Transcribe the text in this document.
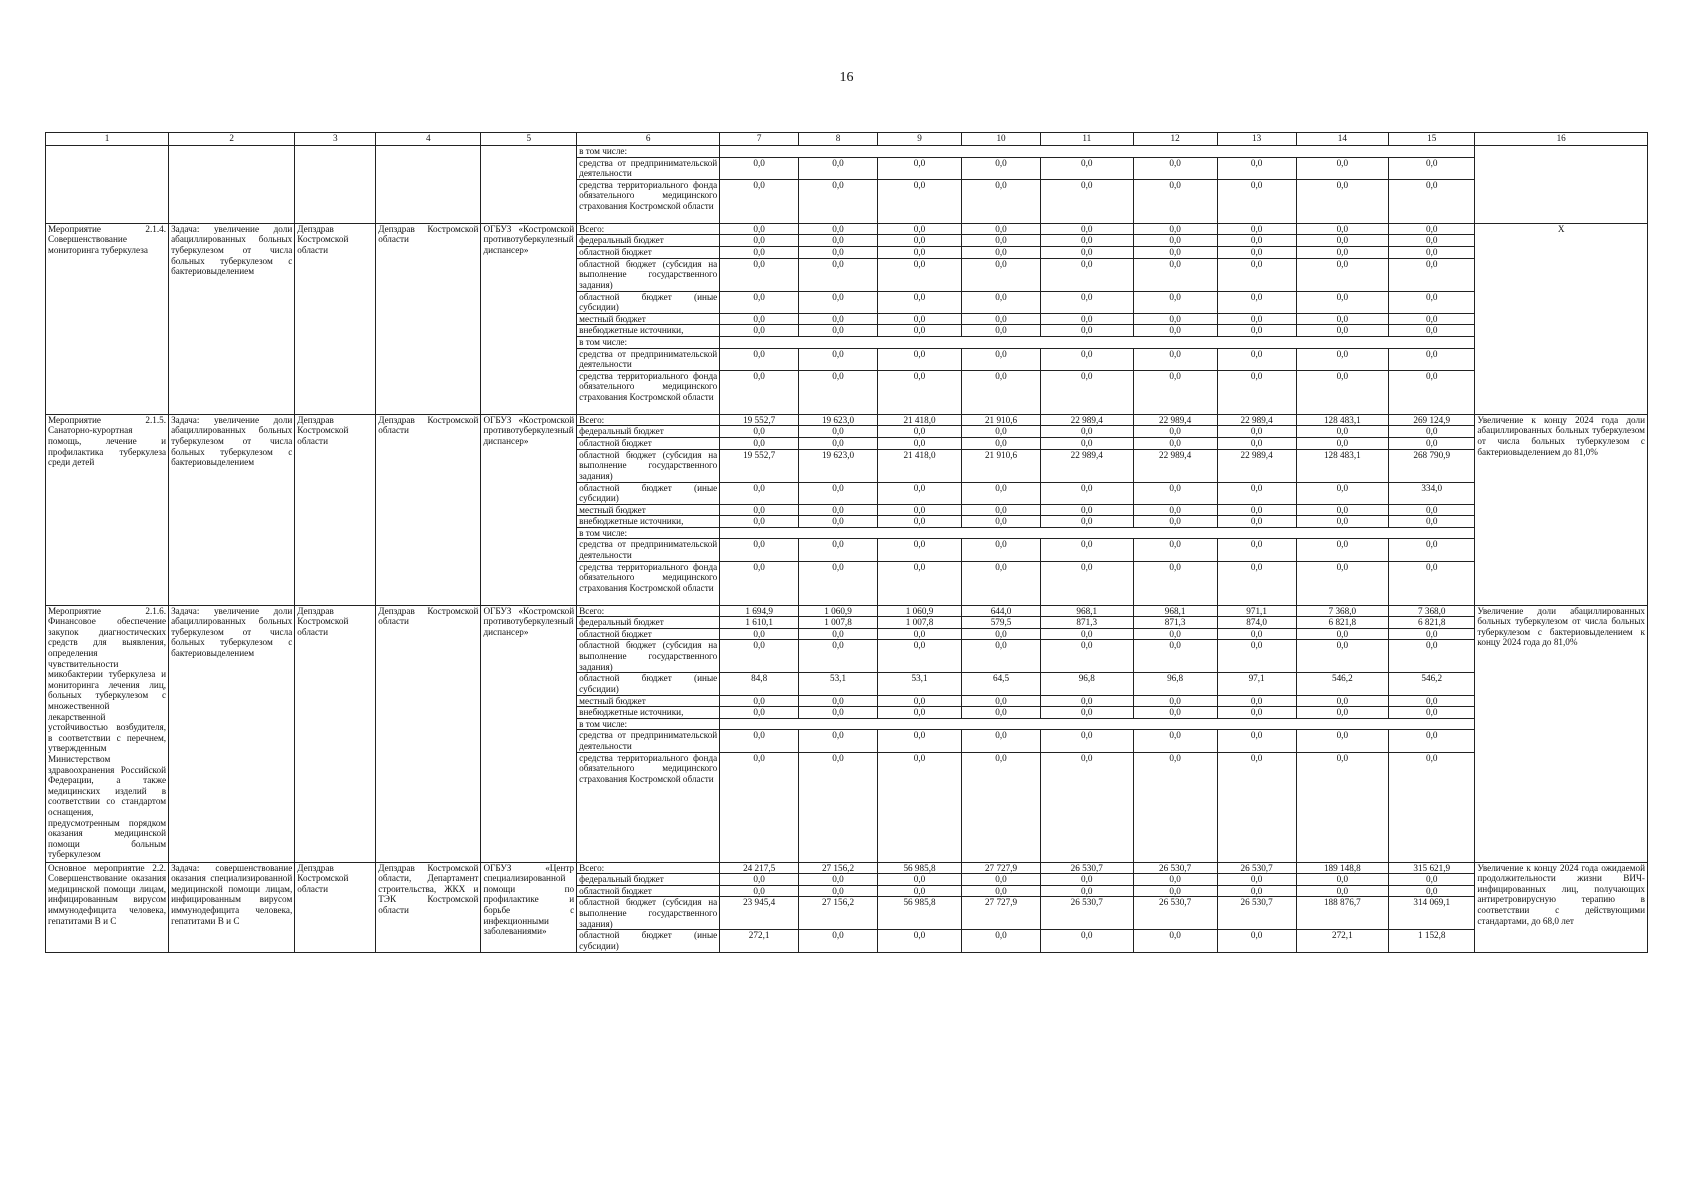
16
1	2	3	4	5	6	7	8	9	10	11	12	13	14	15	16
					в том числе:										
					средства от предпринимательской деятельности	0,0	0,0	0,0	0,0	0,0	0,0	0,0	0,0	0,0	
					средства территориального фонда обязательного медицинского страхования Костромской области	0,0	0,0	0,0	0,0	0,0	0,0	0,0	0,0	0,0	
Мероприятие 2.1.4. Совершенствование мониторинга туберкулеза	Задача: увеличение доли абациллированных больных туберкулезом от числа больных туберкулезом с бактериовыделением	Депздрав Костромской области	Депздрав Костромской области	ОГБУЗ «Костромской противотуберкулезный диспансер»	Всего:	0,0	0,0	0,0	0,0	0,0	0,0	0,0	0,0	0,0	Х
					федеральный бюджет	0,0	0,0	0,0	0,0	0,0	0,0	0,0	0,0	0,0	
					областной бюджет	0,0	0,0	0,0	0,0	0,0	0,0	0,0	0,0	0,0	
					областной бюджет (субсидия на выполнение государственного задания)	0,0	0,0	0,0	0,0	0,0	0,0	0,0	0,0	0,0	
					областной бюджет (иные субсидии)	0,0	0,0	0,0	0,0	0,0	0,0	0,0	0,0	0,0	
					местный бюджет	0,0	0,0	0,0	0,0	0,0	0,0	0,0	0,0	0,0	
					внебюджетные источники,	0,0	0,0	0,0	0,0	0,0	0,0	0,0	0,0	0,0	
					в том числе:										
					средства от предпринимательской деятельности	0,0	0,0	0,0	0,0	0,0	0,0	0,0	0,0	0,0	
					средства территориального фонда обязательного медицинского страхования Костромской области	0,0	0,0	0,0	0,0	0,0	0,0	0,0	0,0	0,0	
Мероприятие 2.1.5. Санаторно-курортная помощь, лечение и профилактика туберкулеза среди детей	Задача: увеличение доли абациллированных больных туберкулезом от числа больных туберкулезом с бактериовыделением	Депздрав Костромской области	Депздрав Костромской области	ОГБУЗ «Костромской противотуберкулезный диспансер»	Всего:	19 552,7	19 623,0	21 418,0	21 910,6	22 989,4	22 989,4	22 989,4	128 483,1	269 124,9	Увеличение к концу 2024 года доли абациллированных больных туберкулезом от числа больных туберкулезом с бактериовыделением до 81,0%
					федеральный бюджет	0,0	0,0	0,0	0,0	0,0	0,0	0,0	0,0	0,0	
					областной бюджет	0,0	0,0	0,0	0,0	0,0	0,0	0,0	0,0	0,0	
					областной бюджет (субсидия на выполнение государственного задания)	19 552,7	19 623,0	21 418,0	21 910,6	22 989,4	22 989,4	22 989,4	128 483,1	268 790,9	
					областной бюджет (иные субсидии)	0,0	0,0	0,0	0,0	0,0	0,0	0,0	0,0	334,0	
					местный бюджет	0,0	0,0	0,0	0,0	0,0	0,0	0,0	0,0	0,0	
					внебюджетные источники,	0,0	0,0	0,0	0,0	0,0	0,0	0,0	0,0	0,0	
					в том числе:										
					средства от предпринимательской деятельности	0,0	0,0	0,0	0,0	0,0	0,0	0,0	0,0	0,0	
					средства территориального фонда обязательного медицинского страхования Костромской области	0,0	0,0	0,0	0,0	0,0	0,0	0,0	0,0	0,0	
Мероприятие 2.1.6. Финансовое обеспечение закупок диагностических средств для выявления, определения чувствительности микобактерии туберкулеза и мониторинга лечения лиц, больных туберкулезом с множественной лекарственной устойчивостью возбудителя, в соответствии с перечнем, утвержденным Министерством здравоохранения Российской Федерации, а также медицинских изделий в соответствии со стандартом оснащения, предусмотренным порядком оказания медицинской помощи больным туберкулезом	Задача: увеличение доли абациллированных больных туберкулезом от числа больных туберкулезом с бактериовыделением	Депздрав Костромской области	Депздрав Костромской области	ОГБУЗ «Костромской противотуберкулезный диспансер»	Всего:	1 694,9	1 060,9	1 060,9	644,0	968,1	968,1	971,1	7 368,0	7 368,0	Увеличение доли абациллированных больных туберкулезом от числа больных туберкулезом с бактериовыделением к концу 2024 года до 81,0%
					федеральный бюджет	1 610,1	1 007,8	1 007,8	579,5	871,3	871,3	874,0	6 821,8	6 821,8	
					областной бюджет	0,0	0,0	0,0	0,0	0,0	0,0	0,0	0,0	0,0	
					областной бюджет (субсидия на выполнение государственного задания)	0,0	0,0	0,0	0,0	0,0	0,0	0,0	0,0	0,0	
					областной бюджет (иные субсидии)	84,8	53,1	53,1	64,5	96,8	96,8	97,1	546,2	546,2	
					местный бюджет	0,0	0,0	0,0	0,0	0,0	0,0	0,0	0,0	0,0	
					внебюджетные источники,	0,0	0,0	0,0	0,0	0,0	0,0	0,0	0,0	0,0	
					в том числе:										
					средства от предпринимательской деятельности	0,0	0,0	0,0	0,0	0,0	0,0	0,0	0,0	0,0	
					средства территориального фонда обязательного медицинского страхования Костромской области	0,0	0,0	0,0	0,0	0,0	0,0	0,0	0,0	0,0	
Основное мероприятие 2.2. Совершенствование оказания медицинской помощи лицам, инфицированным вирусом иммунодефицита человека, гепатитами В и С	Задача: совершенствование оказания специализированной медицинской помощи лицам, инфицированным вирусом иммунодефицита человека, гепатитами В и С	Депздрав Костромской области	Депздрав Костромской области, Департамент строительства, ЖКХ и ТЭК Костромской области	ОГБУЗ «Центр специализированной помощи по профилактике и борьбе с инфекционными заболеваниями»	Всего:	24 217,5	27 156,2	56 985,8	27 727,9	26 530,7	26 530,7	26 530,7	189 148,8	315 621,9	Увеличение к концу 2024 года ожидаемой продолжительности жизни ВИЧ-инфицированных лиц, получающих антиретровирусную терапию в соответствии с действующими стандартами, до 68,0 лет
					федеральный бюджет	0,0	0,0	0,0	0,0	0,0	0,0	0,0	0,0	0,0	
					областной бюджет	0,0	0,0	0,0	0,0	0,0	0,0	0,0	0,0	0,0	
					областной бюджет (субсидия на выполнение государственного задания)	23 945,4	27 156,2	56 985,8	27 727,9	26 530,7	26 530,7	26 530,7	188 876,7	314 069,1	
					областной бюджет (иные субсидии)	272,1	0,0	0,0	0,0	0,0	0,0	0,0	272,1	1 152,8	
